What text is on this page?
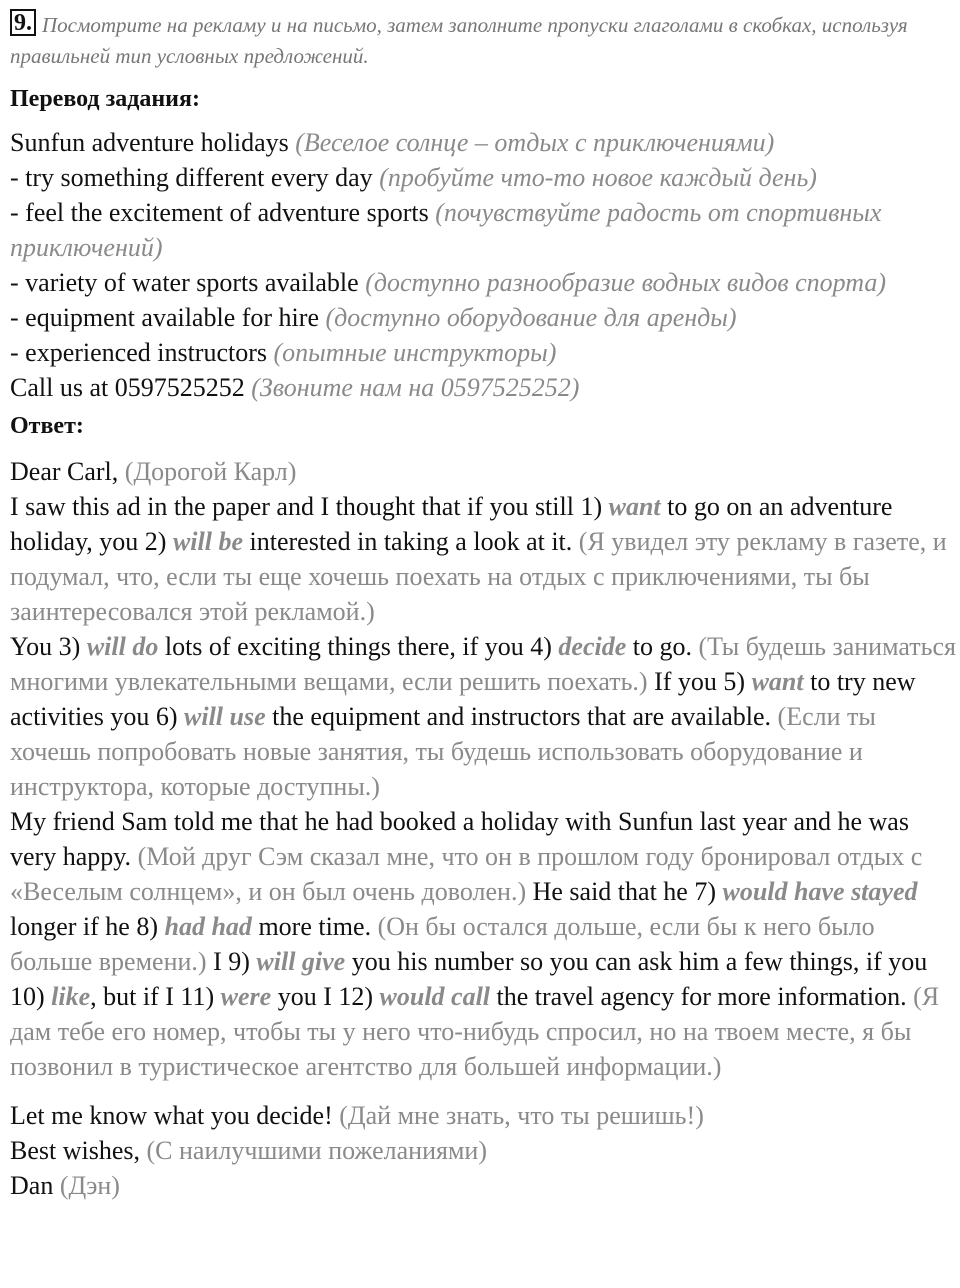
9. Посмотрите на рекламу и на письмо, затем заполните пропуски глаголами в скобках, используя правильней тип условных предложений.
Перевод задания:

Sunfun adventure holidays (Веселое солнце – отдых с приключениями)

- try something different every day (пробуйте что-то новое каждый день)

- feel the excitement of adventure sports (почувствуйте радость от спортивных приключений)

- variety of water sports available (доступно разнообразие водных видов спорта)

- equipment available for hire (доступно оборудование для аренды)

- experienced instructors (опытные инструкторы)

Call us at 0597525252 (Звоните нам на 0597525252)

Ответ:

Dear Carl, (Дорогой Карл)

I saw this ad in the paper and I thought that if you still 1) want to go on an adventure holiday, you 2) will be interested in taking a look at it. (Я увидел эту рекламу в газете, и подумал, что, если ты еще хочешь поехать на отдых с приключениями, ты бы заинтересовался этой рекламой.)

You 3) will do lots of exciting things there, if you 4) decide to go. (Ты будешь заниматься многими увлекательными вещами, если решить поехать.) If you 5) want to try new activities you 6) will use the equipment and instructors that are available. (Если ты хочешь попробовать новые занятия, ты будешь использовать оборудование и инструктора, которые доступны.)

My friend Sam told me that he had booked a holiday with Sunfun last year and he was very happy. (Мой друг Сэм сказал мне, что он в прошлом году бронировал отдых с «Веселым солнцем», и он был очень доволен.) He said that he 7) would have stayed longer if he 8) had had more time. (Он бы остался дольше, если бы к него было больше времени.) I 9) will give you his number so you can ask him a few things, if you 10) like, but if I 11) were you I 12) would call the travel agency for more information. (Я дам тебе его номер, чтобы ты у него что-нибудь спросил, но на твоем месте, я бы позвонил в туристическое агентство для большей информации.)

Let me know what you decide! (Дай мне знать, что ты решишь!)

Best wishes, (С наилучшими пожеланиями)

Dan (Дэн)
